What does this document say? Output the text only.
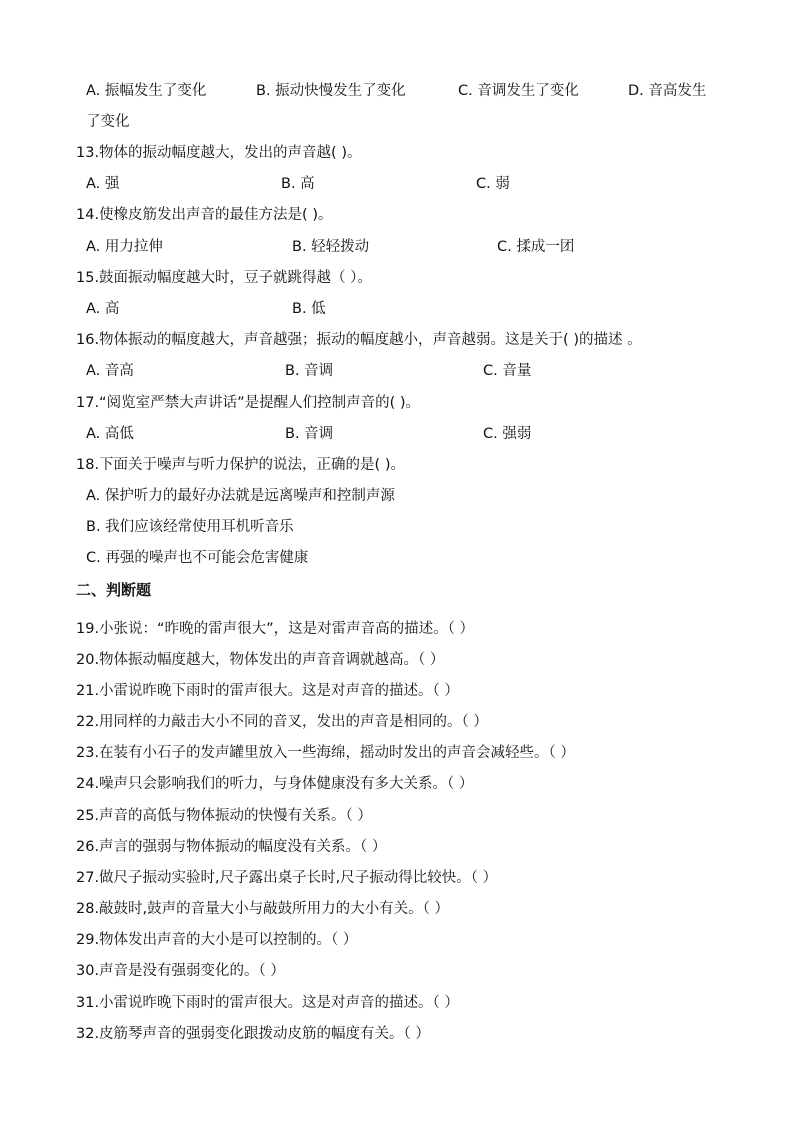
A. 振幅发生了变化	B. 振动快慢发生了变化	C. 音调发生了变化	D. 音高发生
了变化
13.物体的振动幅度越大，发出的声音越( )。
A. 强	B. 高	C. 弱
14.使橡皮筋发出声音的最佳方法是( )。
A. 用力拉伸	B. 轻轻拨动	C. 揉成一团
15.鼓面振动幅度越大时，豆子就跳得越（ ）。
A. 高	B. 低
16.物体振动的幅度越大，声音越强；振动的幅度越小，声音越弱。这是关于( )的描述 。
A. 音高	B. 音调	C. 音量
17.“阅览室严禁大声讲话”是提醒人们控制声音的( )。
A. 高低	B. 音调	C. 强弱
18.下面关于噪声与听力保护的说法，正确的是( )。
A. 保护听力的最好办法就是远离噪声和控制声源
B. 我们应该经常使用耳机听音乐
C. 再强的噪声也不可能会危害健康
二、判断题
19.小张说：“昨晚的雷声很大”，这是对雷声音高的描述。（ ）
20.物体振动幅度越大，物体发出的声音音调就越高。（ ）
21.小雷说昨晚下雨时的雷声很大。这是对声音的描述。（ ）
22.用同样的力敲击大小不同的音叉，发出的声音是相同的。（ ）
23.在装有小石子的发声罐里放入一些海绵，摇动时发出的声音会减轻些。（ ）
24.噪声只会影响我们的听力，与身体健康没有多大关系。（ ）
25.声音的高低与物体振动的快慢有关系。（ ）
26.声言的强弱与物体振动的幅度没有关系。（ ）
27.做尺子振动实验时,尺子露出桌子长时,尺子振动得比较快。（ ）
28.敲鼓时,鼓声的音量大小与敲鼓所用力的大小有关。（ ）
29.物体发出声音的大小是可以控制的。（ ）
30.声音是没有强弱变化的。（ ）
31.小雷说昨晚下雨时的雷声很大。这是对声音的描述。（ ）
32.皮筋琴声音的强弱变化跟拨动皮筋的幅度有关。（ ）
